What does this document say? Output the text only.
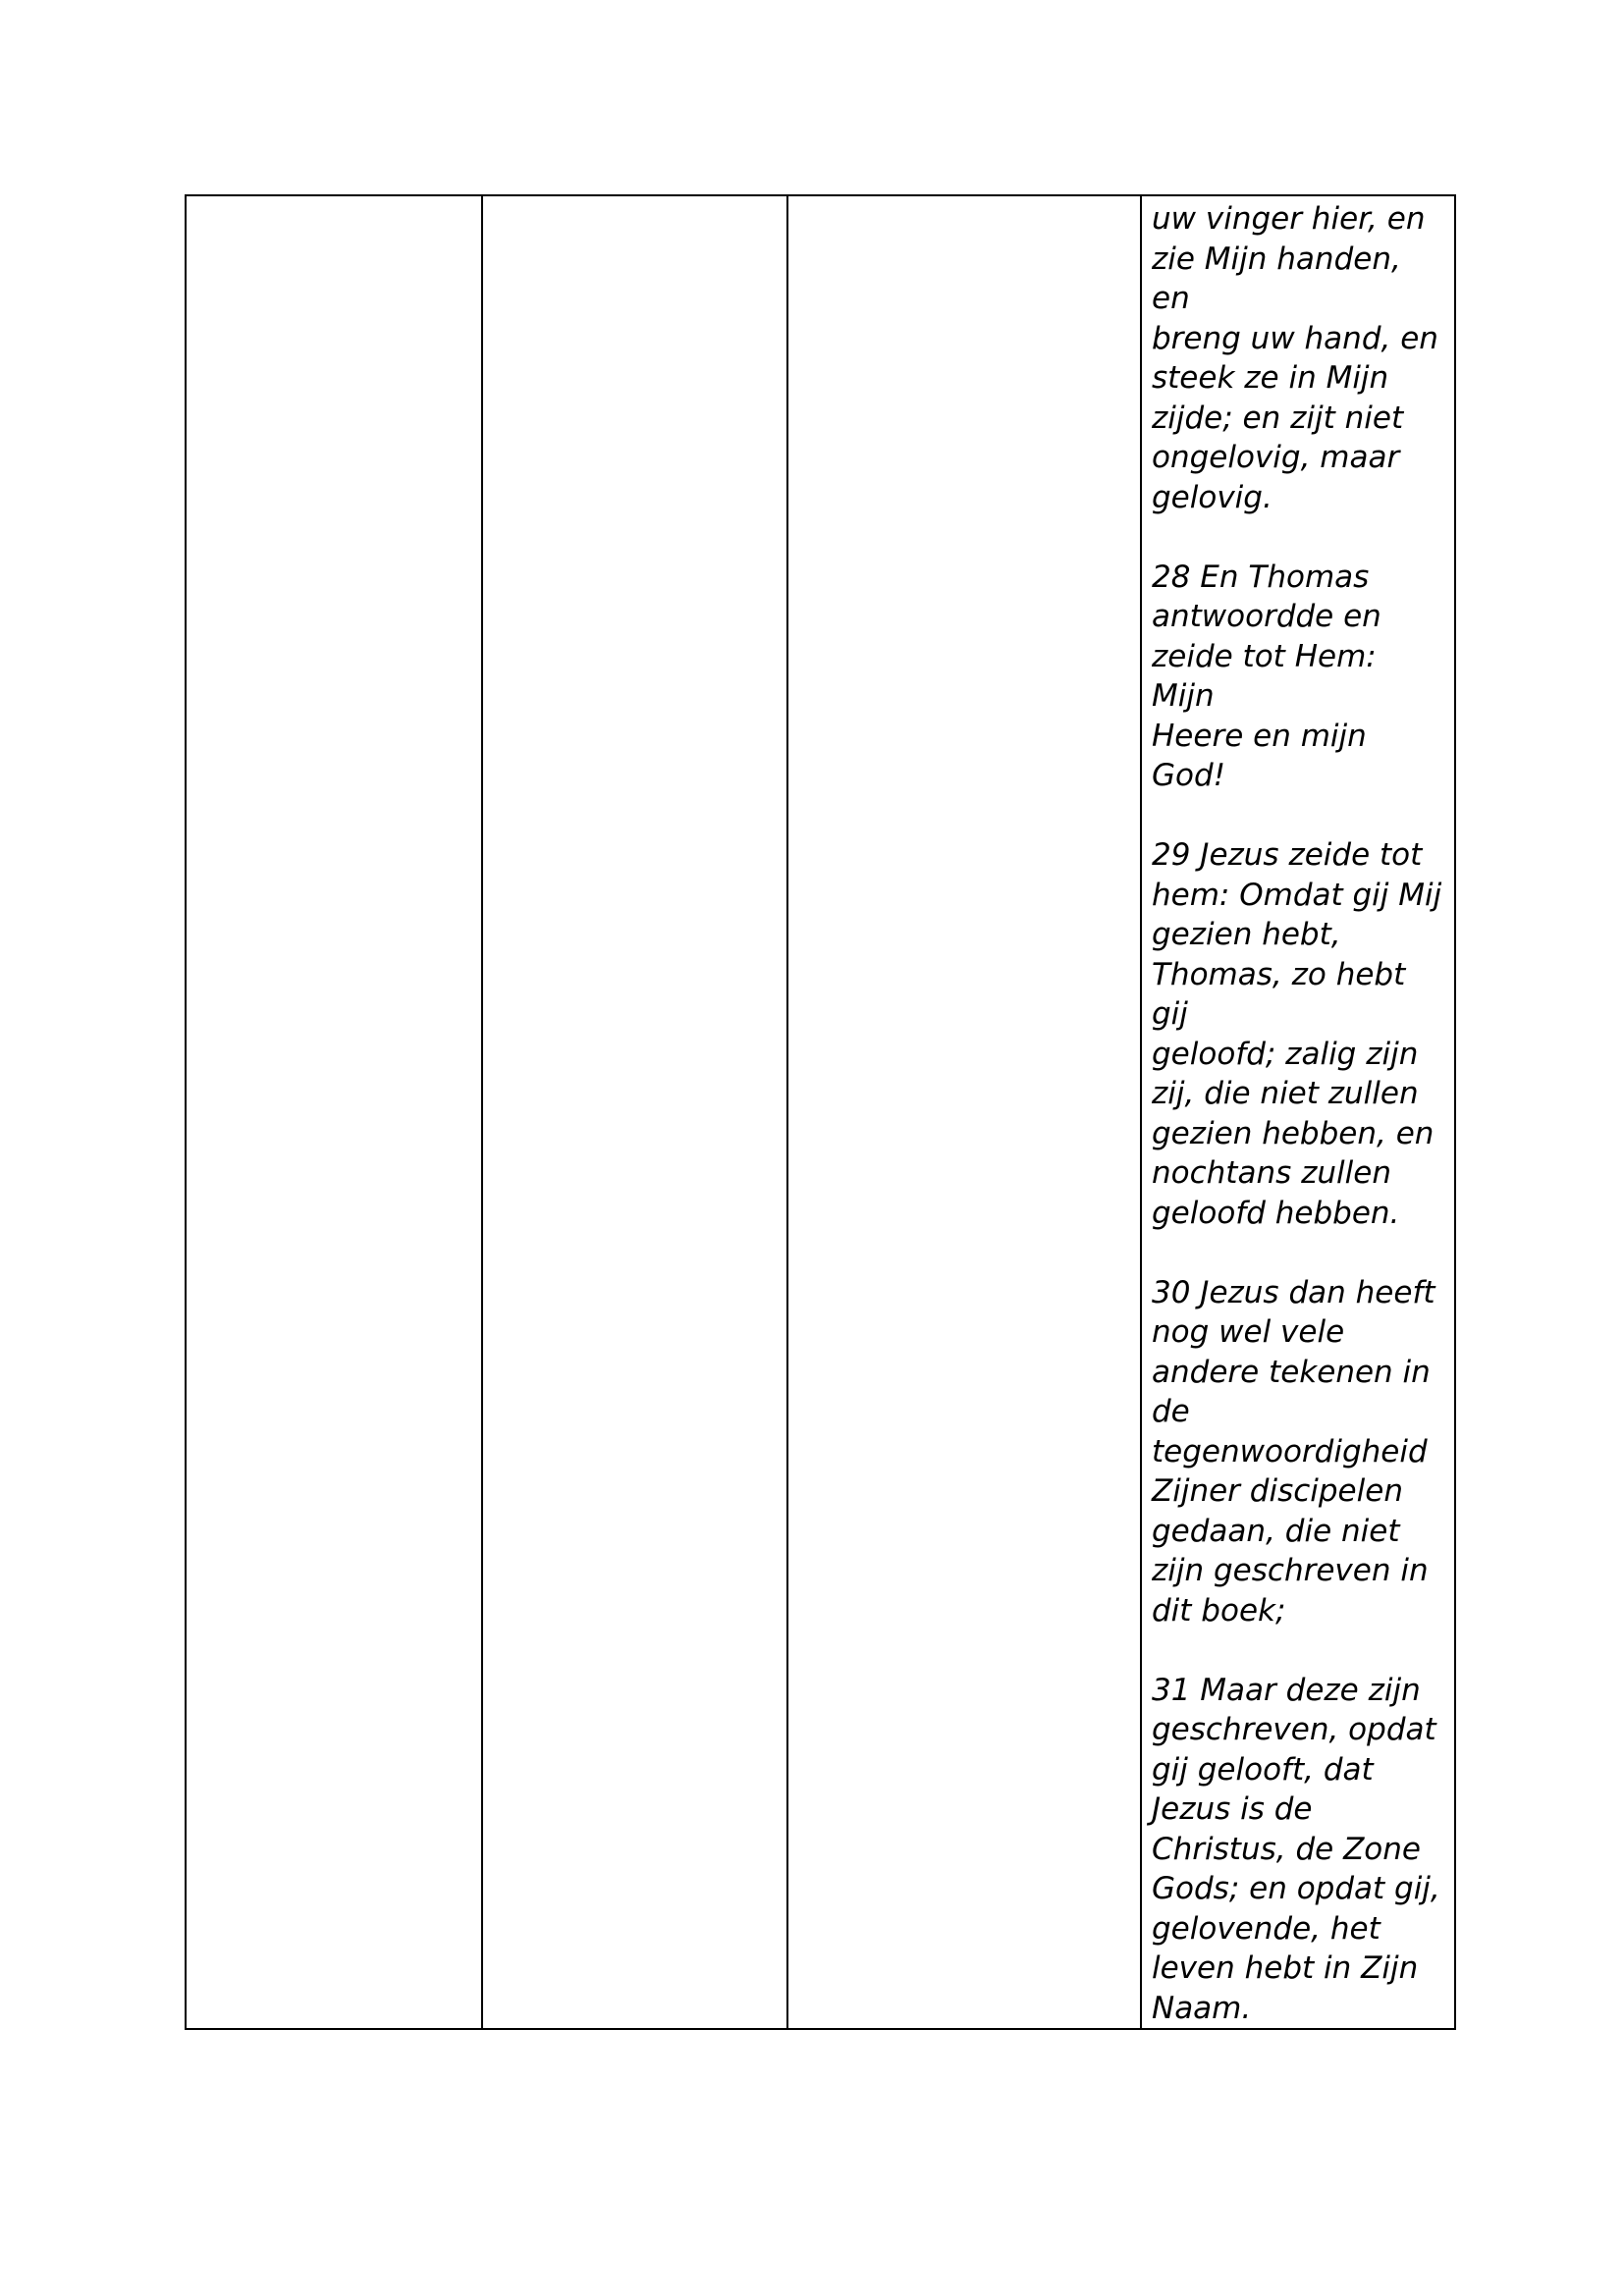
uw vinger hier, en
zie Mijn handen, en
breng uw hand, en
steek ze in Mijn
zijde; en zijt niet
ongelovig, maar
gelovig.

28 En Thomas
antwoordde en
zeide tot Hem: Mijn
Heere en mijn God!

29 Jezus zeide tot
hem: Omdat gij Mij
gezien hebt,
Thomas, zo hebt gij
geloofd; zalig zijn
zij, die niet zullen
gezien hebben, en
nochtans zullen
geloofd hebben.

30 Jezus dan heeft
nog wel vele
andere tekenen in
de
tegenwoordigheid
Zijner discipelen
gedaan, die niet
zijn geschreven in
dit boek;

31 Maar deze zijn
geschreven, opdat
gij gelooft, dat
Jezus is de
Christus, de Zone
Gods; en opdat gij,
gelovende, het
leven hebt in Zijn
Naam.
